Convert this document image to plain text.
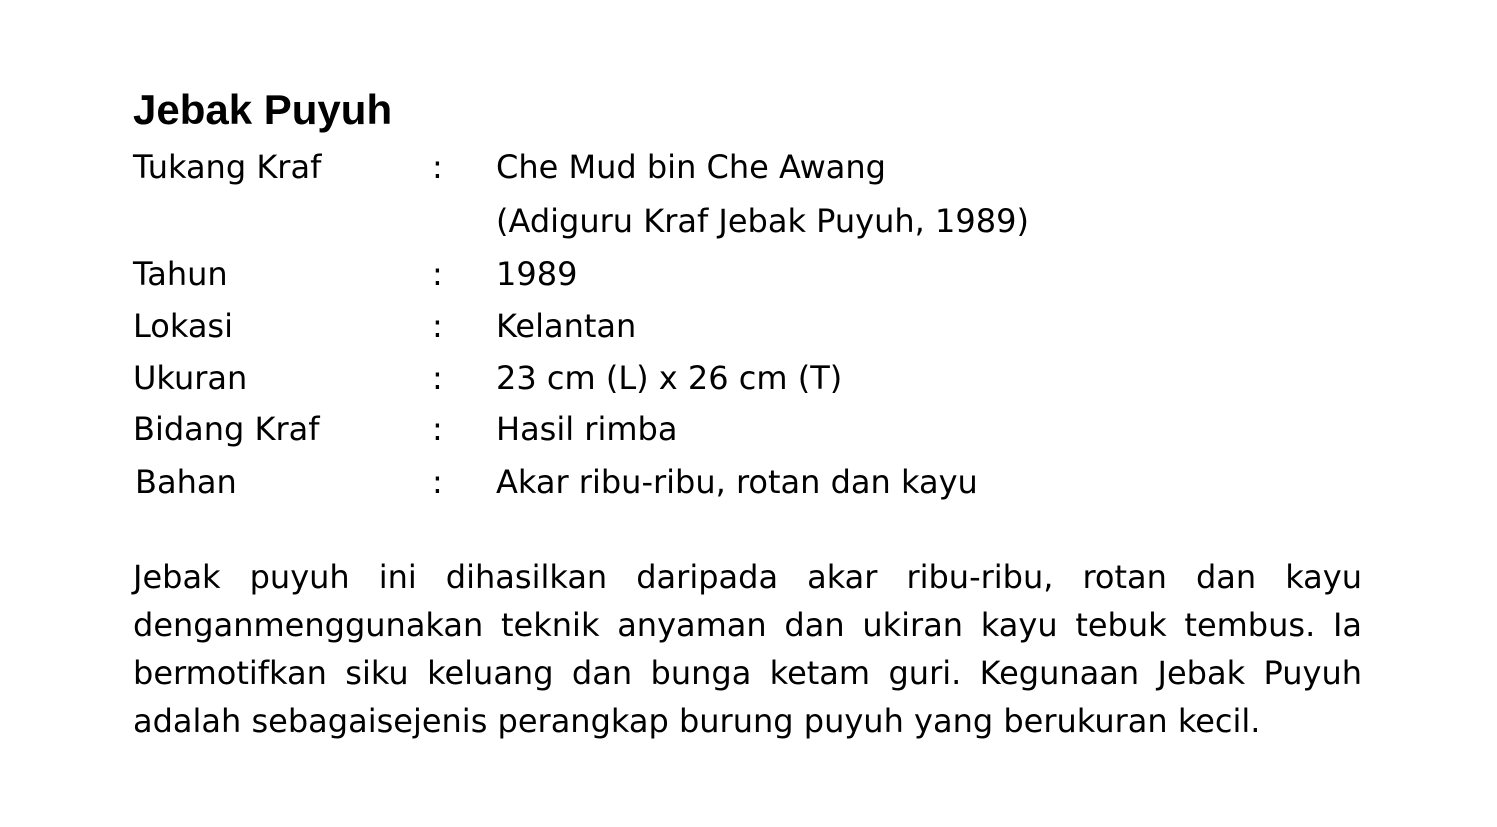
Jebak Puyuh
Tukang Kraf	: Che Mud bin Che Awang
(Adiguru Kraf Jebak Puyuh, 1989)
Tahun	: 1989
Lokasi	: Kelantan
Ukuran	: 23 cm (L) x 26 cm (T)
Bidang Kraf	: Hasil rimba
Bahan	: Akar ribu-ribu, rotan dan kayu

Jebak puyuh ini dihasilkan daripada akar ribu-ribu, rotan dan kayu denganmenggunakan teknik anyaman dan ukiran kayu tebuk tembus. Ia bermotifkan siku keluang dan bunga ketam guri. Kegunaan Jebak Puyuh adalah sebagaisejenis perangkap burung puyuh yang berukuran kecil.
